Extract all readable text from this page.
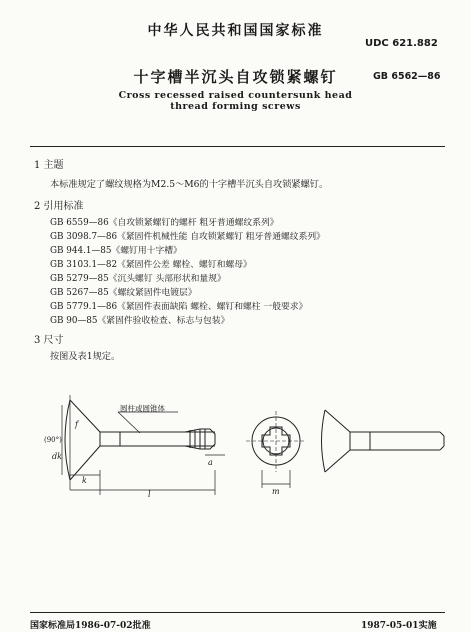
中华人民共和国国家标准
UDC 621.882
十字槽半沉头自攻锁紧螺钉	GB 6562—86
Cross recessed raised countersunk head
thread forming screws
1 主题
本标准规定了螺纹规格为M2.5～M6的十字槽半沉头自攻锁紧螺钉。
2 引用标准
GB 6559—86《自攻锁紧螺钉的螺杆 粗牙普通螺纹系列》
GB 3098.7—86《紧固件机械性能 自攻锁紧螺钉 粗牙普通螺纹系列》
GB 944.1—85《螺钉用十字槽》
GB 3103.1—82《紧固件公差 螺栓、螺钉和螺母》
GB 5279—85《沉头螺钉 头部形状和量规》
GB 5267—85《螺纹紧固件电镀层》
GB 5779.1—86《紧固件表面缺陷 螺栓、螺钉和螺柱 一般要求》
GB 90—85《紧固件验收检查、标志与包装》
3 尺寸
按图及表1规定。
圆柱或圆锥体
f
(90°)
dk
k
l
a
m
国家标准局1986-07-02批准	1987-05-01实施
